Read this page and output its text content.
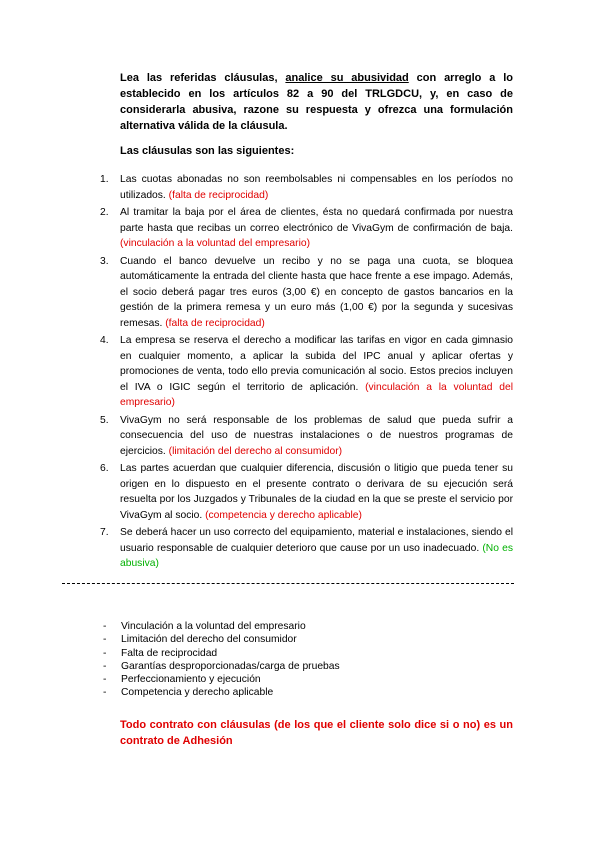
Lea las referidas cláusulas, analice su abusividad con arreglo a lo establecido en los artículos 82 a 90 del TRLGDCU, y, en caso de considerarla abusiva, razone su respuesta y ofrezca una formulación alternativa válida de la cláusula.

Las cláusulas son las siguientes:

1. Las cuotas abonadas no son reembolsables ni compensables en los períodos no utilizados. (falta de reciprocidad)
2. Al tramitar la baja por el área de clientes, ésta no quedará confirmada por nuestra parte hasta que recibas un correo electrónico de VivaGym de confirmación de baja. (vinculación a la voluntad del empresario)
3. Cuando el banco devuelve un recibo y no se paga una cuota, se bloquea automáticamente la entrada del cliente hasta que hace frente a ese impago. Además, el socio deberá pagar tres euros (3,00 €) en concepto de gastos bancarios en la gestión de la primera remesa y un euro más (1,00 €) por la segunda y sucesivas remesas. (falta de reciprocidad)
4. La empresa se reserva el derecho a modificar las tarifas en vigor en cada gimnasio en cualquier momento, a aplicar la subida del IPC anual y aplicar ofertas y promociones de venta, todo ello previa comunicación al socio. Estos precios incluyen el IVA o IGIC según el territorio de aplicación. (vinculación a la voluntad del empresario)
5. VivaGym no será responsable de los problemas de salud que pueda sufrir a consecuencia del uso de nuestras instalaciones o de nuestros programas de ejercicios. (limitación del derecho al consumidor)
6. Las partes acuerdan que cualquier diferencia, discusión o litigio que pueda tener su origen en lo dispuesto en el presente contrato o derivara de su ejecución será resuelta por los Juzgados y Tribunales de la ciudad en la que se preste el servicio por VivaGym al socio. (competencia y derecho aplicable)
7. Se deberá hacer un uso correcto del equipamiento, material e instalaciones, siendo el usuario responsable de cualquier deterioro que cause por un uso inadecuado. (No es abusiva)
- Vinculación a la voluntad del empresario
- Limitación del derecho del consumidor
- Falta de reciprocidad
- Garantías desproporcionadas/carga de pruebas
- Perfeccionamiento y ejecución
- Competencia y derecho aplicable

Todo contrato con cláusulas (de los que el cliente solo dice si o no) es un contrato de Adhesión
